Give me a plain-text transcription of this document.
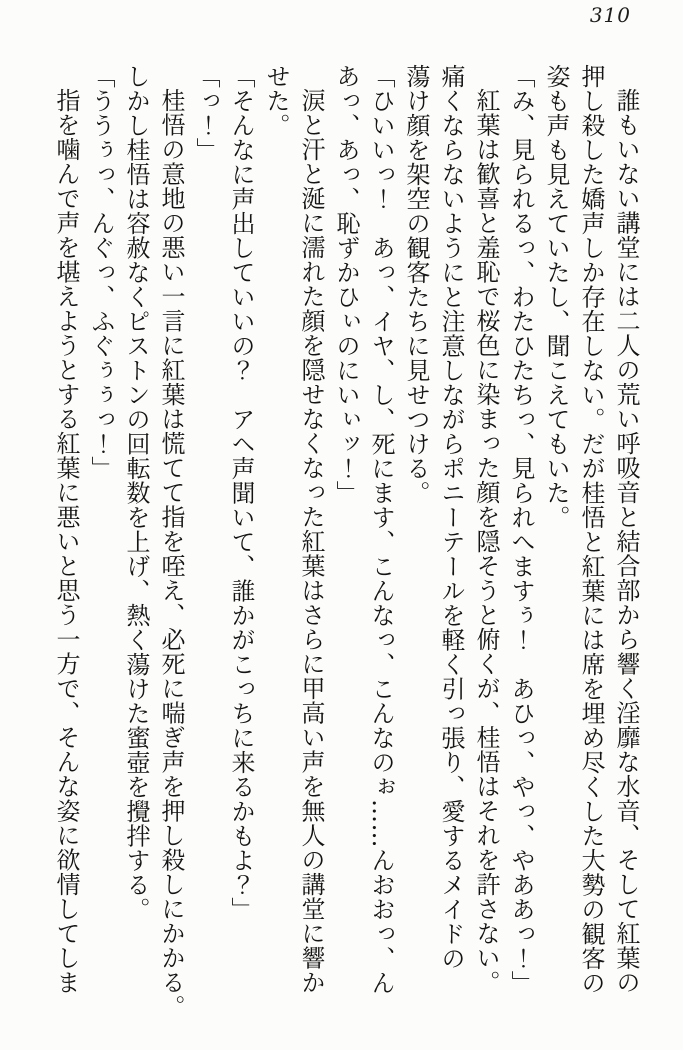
310

誰もいない講堂には二人の荒い呼吸音と結合部から響く淫靡な水音、そして紅葉の

押し殺した嬌声しか存在しない。だが桂悟と紅葉には席を埋め尽くした大勢の観客の

姿も声も見えていたし、聞こえてもいた。

「み、見られるっ、わたひたちっ、見られへますぅ！　あひっ、やっ、やああっ！」

紅葉は歓喜と羞恥で桜色に染まった顔を隠そうと俯くが、桂悟はそれを許さない。

痛くならないようにと注意しながらポニーテールを軽く引っ張り、愛するメイドの

蕩け顔を架空の観客たちに見せつける。

「ひいいっ！　あっ、イヤ、し、死にます、こんなっ、こんなのぉ……んおおっ、ん

あっ、あっ、恥ずかひぃのにいぃッ！」

涙と汗と涎に濡れた顔を隠せなくなった紅葉はさらに甲高い声を無人の講堂に響か

せた。

「そんなに声出していいの？　アヘ声聞いて、誰かがこっちに来るかもよ？」

「っ！」

桂悟の意地の悪い一言に紅葉は慌てて指を咥え、必死に喘ぎ声を押し殺しにかかる。

しかし桂悟は容赦なくピストンの回転数を上げ、熱く蕩けた蜜壺を攪拌する。

「ううぅっ、んぐっ、ふぐぅぅっ！」

指を噛んで声を堪えようとする紅葉に悪いと思う一方で、そんな姿に欲情してしま
